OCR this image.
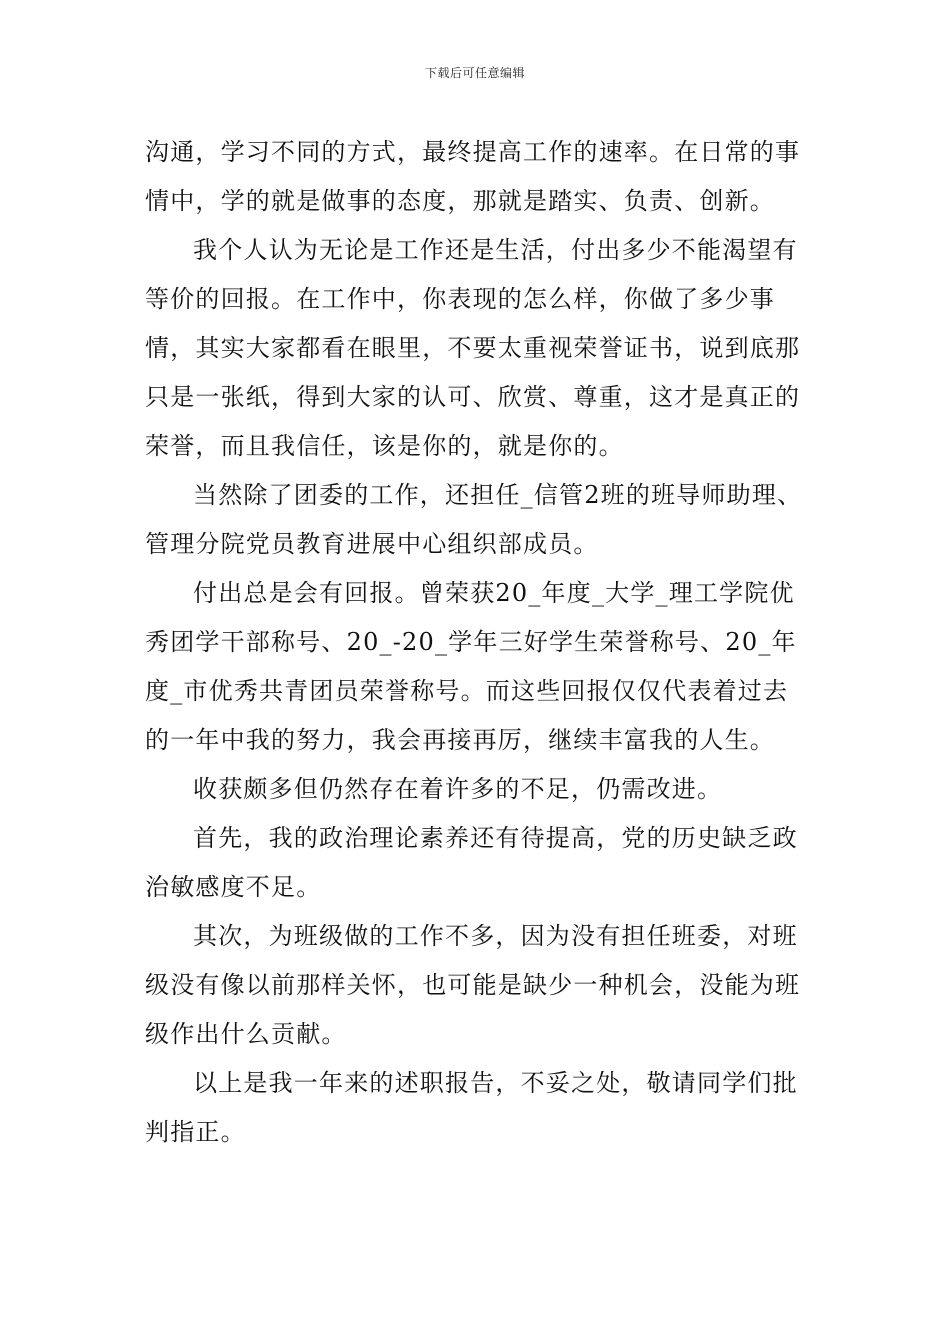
下载后可任意编辑

沟通，学习不同的方式，最终提高工作的速率。在日常的事情中，学的就是做事的态度，那就是踏实、负责、创新。

我个人认为无论是工作还是生活，付出多少不能渴望有等价的回报。在工作中，你表现的怎么样，你做了多少事情，其实大家都看在眼里，不要太重视荣誉证书，说到底那只是一张纸，得到大家的认可、欣赏、尊重，这才是真正的荣誉，而且我信任，该是你的，就是你的。

当然除了团委的工作，还担任_信管2班的班导师助理、管理分院党员教育进展中心组织部成员。

付出总是会有回报。曾荣获20_年度_大学_理工学院优秀团学干部称号、20_-20_学年三好学生荣誉称号、20_年度_市优秀共青团员荣誉称号。而这些回报仅仅代表着过去的一年中我的努力，我会再接再厉，继续丰富我的人生。

收获颇多但仍然存在着许多的不足，仍需改进。

首先，我的政治理论素养还有待提高，党的历史缺乏政治敏感度不足。

其次，为班级做的工作不多，因为没有担任班委，对班级没有像以前那样关怀，也可能是缺少一种机会，没能为班级作出什么贡献。

以上是我一年来的述职报告，不妥之处，敬请同学们批判指正。
